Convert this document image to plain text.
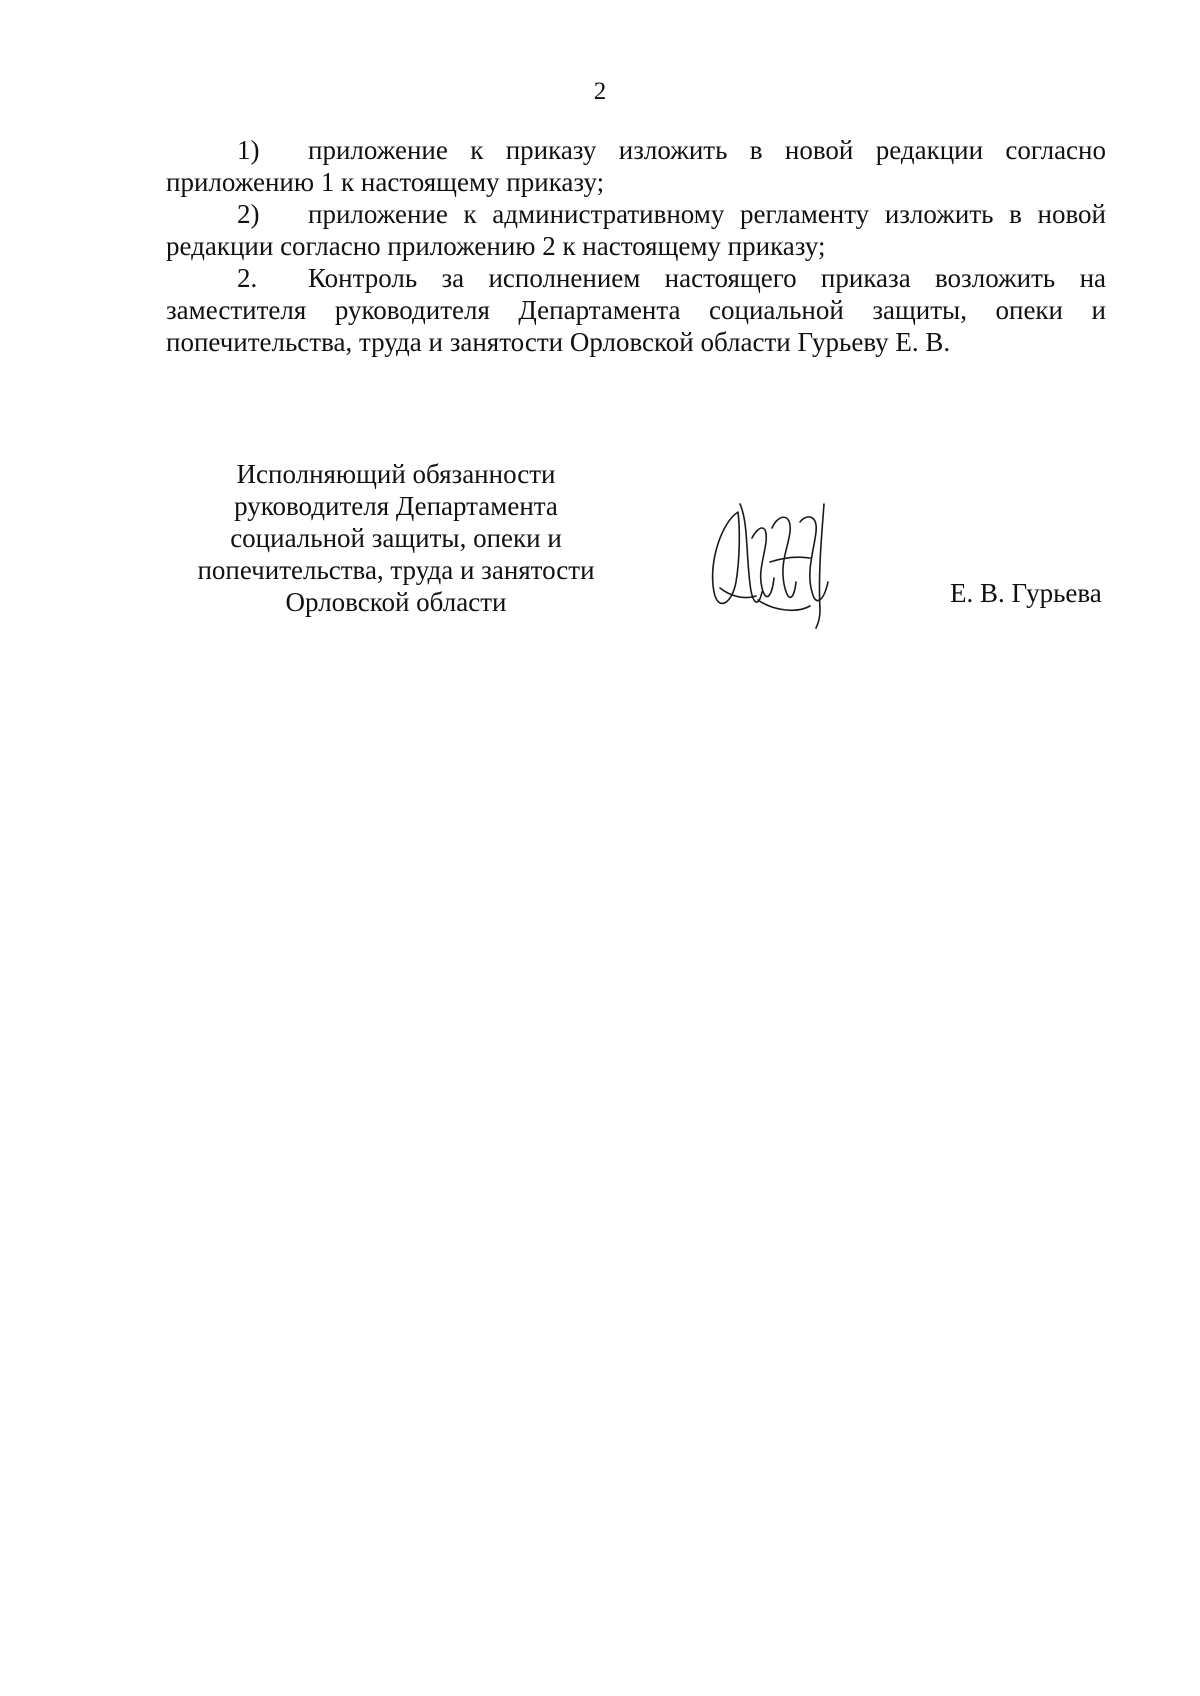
2

1) приложение к приказу изложить в новой редакции согласно приложению 1 к настоящему приказу;

2) приложение к административному регламенту изложить в новой редакции согласно приложению 2 к настоящему приказу;

2. Контроль за исполнением настоящего приказа возложить на заместителя руководителя Департамента социальной защиты, опеки и попечительства, труда и занятости Орловской области Гурьеву Е. В.

Исполняющий обязанности
руководителя Департамента
социальной защиты, опеки и
попечительства, труда и занятости
Орловской области	Е. В. Гурьева
